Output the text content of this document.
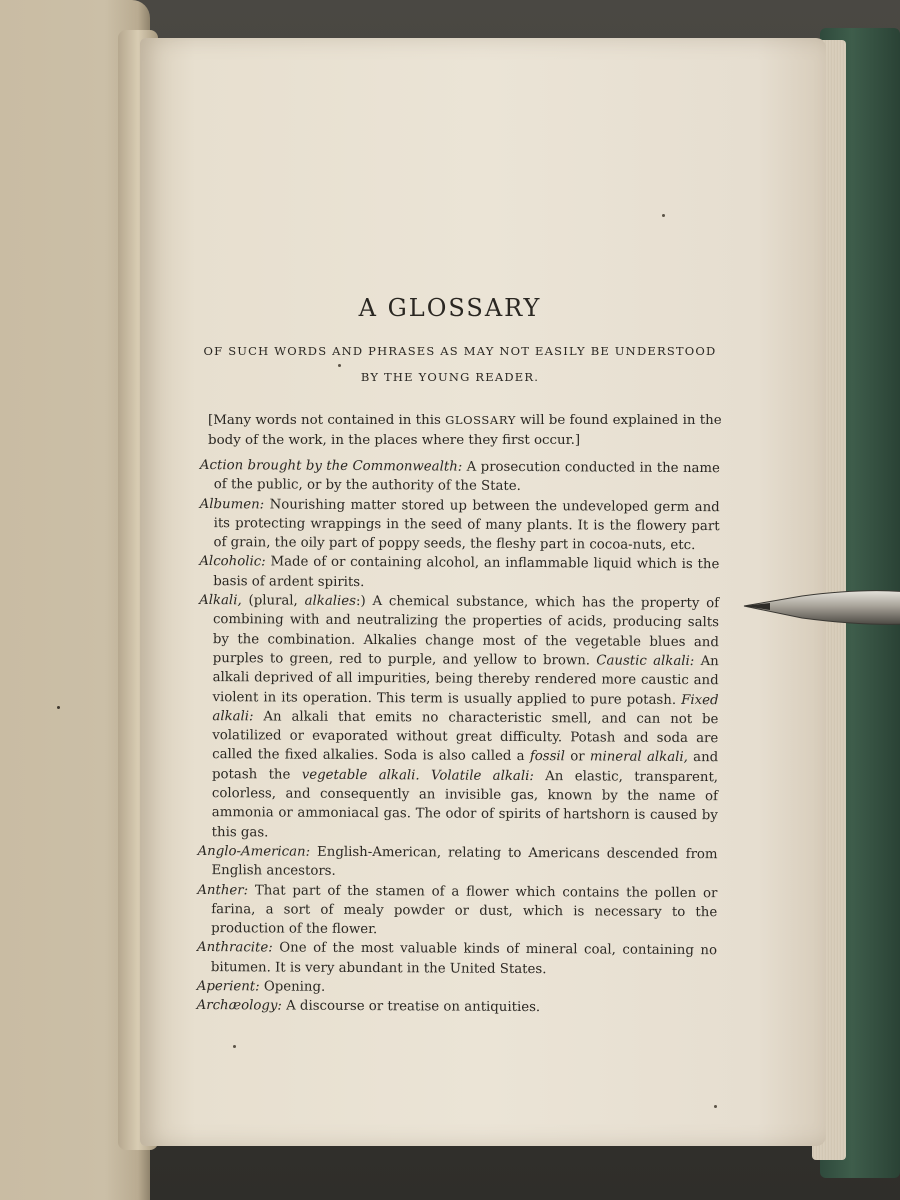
A GLOSSARY
OF SUCH WORDS AND PHRASES AS MAY NOT EASILY BE UNDERSTOOD
BY THE YOUNG READER.
[Many words not contained in this GLOSSARY will be found explained in the body of the work, in the places where they first occur.]

Action brought by the Commonwealth: A prosecution conducted in the name of the public, or by the authority of the State.

Albumen: Nourishing matter stored up between the undeveloped germ and its protecting wrappings in the seed of many plants. It is the flowery part of grain, the oily part of poppy seeds, the fleshy part in cocoa-nuts, etc.

Alcoholic: Made of or containing alcohol, an inflammable liquid which is the basis of ardent spirits.

Alkali, (plural, alkalies:) A chemical substance, which has the property of combining with and neutralizing the properties of acids, producing salts by the combination. Alkalies change most of the vegetable blues and purples to green, red to purple, and yellow to brown. Caustic alkali: An alkali deprived of all impurities, being thereby rendered more caustic and violent in its operation. This term is usually applied to pure potash. Fixed alkali: An alkali that emits no characteristic smell, and can not be volatilized or evaporated without great difficulty. Potash and soda are called the fixed alkalies. Soda is also called a fossil or mineral alkali, and potash the vegetable alkali. Volatile alkali: An elastic, transparent, colorless, and consequently an invisible gas, known by the name of ammonia or ammoniacal gas. The odor of spirits of hartshorn is caused by this gas.

Anglo-American: English-American, relating to Americans descended from English ancestors.

Anther: That part of the stamen of a flower which contains the pollen or farina, a sort of mealy powder or dust, which is necessary to the production of the flower.

Anthracite: One of the most valuable kinds of mineral coal, containing no bitumen. It is very abundant in the United States.

Aperient: Opening.

Archæology: A discourse or treatise on antiquities.
